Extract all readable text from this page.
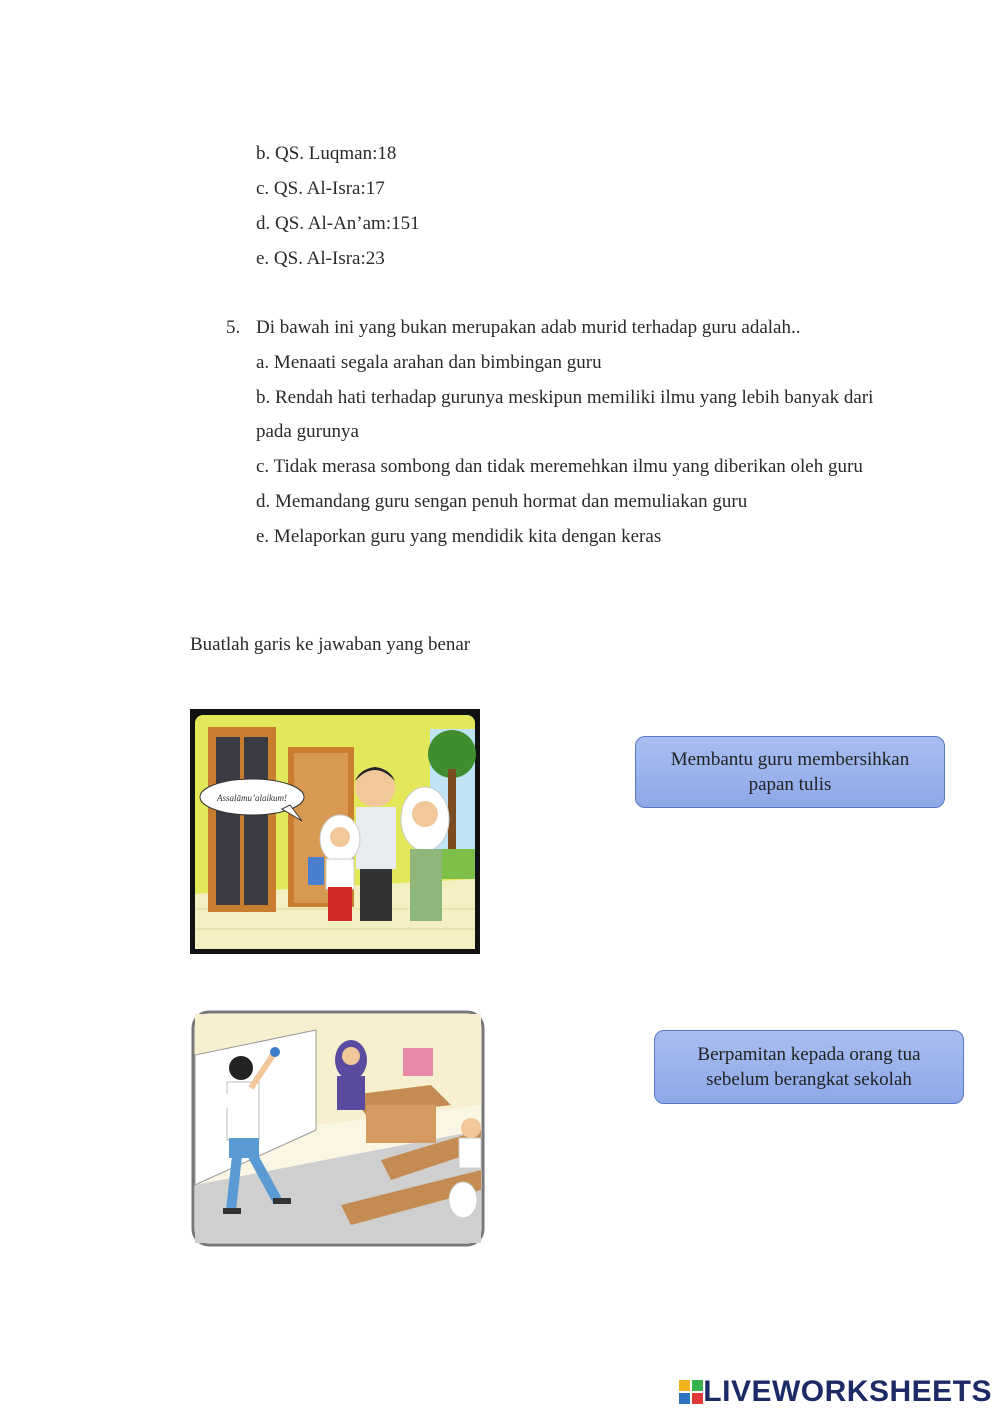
b. QS. Luqman:18
c. QS. Al-Isra:17
d. QS. Al-An’am:151
e. QS. Al-Isra:23
5. Di bawah ini yang bukan merupakan adab murid terhadap guru adalah..
a. Menaati segala arahan dan bimbingan guru
b. Rendah hati terhadap gurunya meskipun memiliki ilmu yang lebih banyak dari
pada gurunya
c. Tidak merasa sombong dan tidak meremehkan ilmu yang diberikan oleh guru
d. Memandang guru sengan penuh hormat dan memuliakan guru
e. Melaporkan guru yang mendidik kita dengan keras
Buatlah garis ke jawaban yang benar
Assalāmu’alaikum!
Membantu guru membersihkan
papan tulis
Berpamitan kepada orang tua
sebelum berangkat sekolah
LIVEWORKSHEETS
